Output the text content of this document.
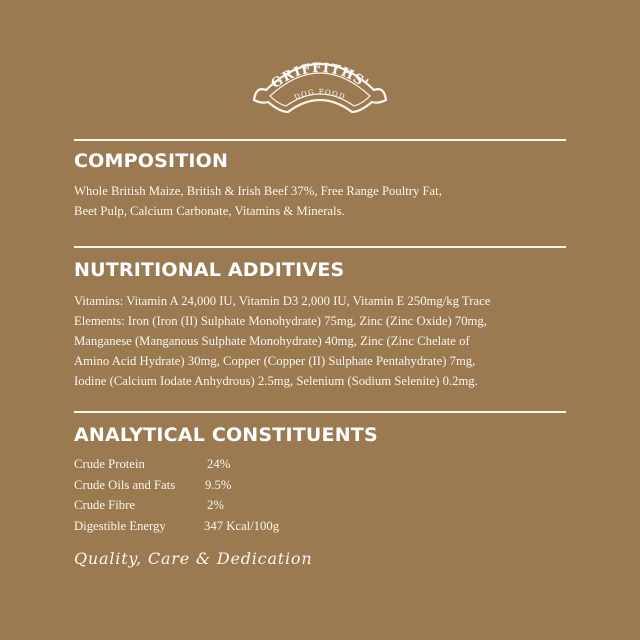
GRIFFITHS'
DOG FOOD
COMPOSITION
Whole British Maize, British & Irish Beef 37%, Free Range Poultry Fat,
Beet Pulp, Calcium Carbonate, Vitamins & Minerals.
NUTRITIONAL ADDITIVES
Vitamins: Vitamin A 24,000 IU, Vitamin D3 2,000 IU, Vitamin E 250mg/kg Trace
Elements: Iron (Iron (II) Sulphate Monohydrate) 75mg, Zinc (Zinc Oxide) 70mg,
Manganese (Manganous Sulphate Monohydrate) 40mg, Zinc (Zinc Chelate of
Amino Acid Hydrate) 30mg, Copper (Copper (II) Sulphate Pentahydrate) 7mg,
Iodine (Calcium Iodate Anhydrous) 2.5mg, Selenium (Sodium Selenite) 0.2mg.
ANALYTICAL CONSTITUENTS
Crude Protein	24%
Crude Oils and Fats 9.5%
Crude Fibre	2%
Digestible Energy	347 Kcal/100g
Quality, Care & Dedication
